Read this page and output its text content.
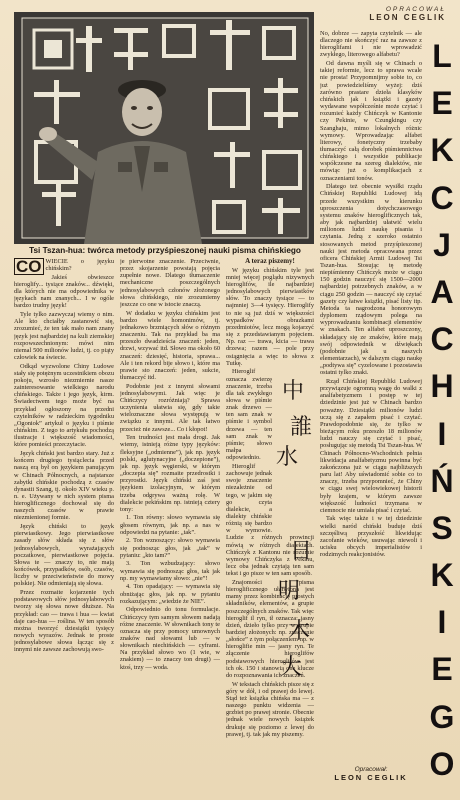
Tsi Tszan-hua: twórca metody przyśpieszonej nauki pisma chińskiego
OPRACOWAŁ
LEON CEGLIK
L
E
K
C
J
A
C
H
I
Ń
S
K
I
E
G
O

No, dobrze — zapyta czytelnik — ale dlaczego nie skończyć raz na zawsze z hieroglifami i nie wprowadzić zwykłego, literowego alfabetu?

Od dawna myśli się w Chinach o takiej reformie, lecz to sprawa wcale nie prosta! Przypomnijmy sobie to, co już powiedzieliśmy wyżej: dziś zarówno prastare dzieła klasyków chińskich jak i książki i gazety wydawane współcześnie może czytać i rozumieć każdy Chińczyk w Kantonie czy Pekinie, w Czungkingu czy Szanghaju, mimo lokalnych różnic wymowy. Wprowadzając alfabet literowy, fonetyczny trzebaby tłumaczyć całą dorobek piśmiennictwa chińskiego i wszystkie publikacje współczesne na szereg dialektów, nie mówiąc już o komplikacjach z oznaczeniami tonów.

Dlatego też obecnie wysiłki rządu Chińskiej Republiki Ludowej idą przede wszystkim w kierunku uproszczenia dotychczasowego systemu znaków hieroglificznych tak, aby jak najbardziej ułatwić wielu milionom ludzi naukę pisania i czytania. Jedną z szeroko ostatnio stosowanych metod przyśpieszonej nauki jest metoda opracowana przez oficera Chińskiej Armii Ludowej Tsi Tszan-hua. Stosując tę metodę niepiśmienny Chińczyk może w ciągu 150 godzin nauczyć się 1500—2000 najbardziej potrzebnych znaków, a w ciągu 250 godzin — nauczyć się czytać gazety czy łatwe książki, pisać listy itp. Metoda ta nagrodzona honorowym dyplomem rządowym polega na wyprowadzaniu kombinacji elementów w znakach. Ten alfabet uproszczony, składający się ze znaków, które mają swój odpowiednik w dźwiękach (podobnie jak u naszych elementarzach), w dalszym ciągu naukę „podtywa się” cyzelowane i pozostawia ostatni tylko znaki.

Rząd Chińskiej Republiki Ludowej przywiązuje ogromną wagę do walki z analfabetyzmem i postęp w tej dziedzinie jest już w Chinach bardzo poważny. Dziesiątki milionów ludzi uczą się z zapałem pisać i czytać. Prawdopodobnie się, że tylko w bieżącym roku przeszło 18 milionów ludzi nauczy się czytać i pisać, posługując się metodą Tsi Tszan-hua. W Chinach Północno-Wschodnich pełnia likwidacja analfabetyzmu powinna być zakończona już w ciągu najbliższych paru lat! Aby uświadomić sobie co to znaczy, trzeba przypomnieć, że Chiny w ciągu swej wielowiekowej historii były krajem, w którym zawsze większość ludności trzymana w ciemnocie nie umiała pisać i czytać.

Tak więc także i w tej dziedzinie wielki naród chiński buduje dziś szczęśliwą przyszłość likwidując zacofanie wieków, usuwając niewoli i ucisku obcych imperialistów i rodzimych reakcjonistów.

CO WIECIE o języku chińskim?

Jakieś obwieszce hieroglify... tysiące znaków... dźwięki, dla których nie ma odpowiednika w językach nam znanych... I w ogóle bardzo trudny język!

Tyle tylko zazwyczaj wiemy o nim. Ale kto chciałby zastanowić się, zrozumieć, że ten tak mało nam znany język jest najbardziej na kuli ziemskiej rozpowszechnionym: mówi nim niemal 500 milionów ludzi, tj. co piąty człowiek na świecie.

Odkąd wyzwolone Chiny Ludowe stały się potężnym uczestnikiem obozu pokoju, wzrosło niezmiernie nasze zainteresowanie wielkiego narodu chińskiego. Także i jego język, kirm. Świadectwem tego może być na przykład ogłoszony na przedni czytelników w radzieckim tygodniku „Ogoniok” artykuł o języku i piśmie chińskim. Z tego to artykułu pochodzą ilustracje i większość wiadomości, które pomieści przeczytacie.

Język chiński jest bardzo stary. Już z końcem drugiego tysiąclecia przed naszą erą był on językiem panującym w Chinach Północnych, a najstarsze zabytki chińskie pochodzą z czasów dynastii Szang, tj. około XIV wieku p. n. e. Używany w nich system pisma hieroglificznego dochował się do naszych czasów w prawie niezmienionej formie.

Język chiński to język pierwiastkowy. Jego pierwiastkowe zasady słów składa się z słów jednosylabowych, wyrażających poczatkowe, pierwiastkowe pojęcia. Słowa te — znaczy to, nie mają końcówek, przypadków, osób, czasów, liczby w przeciwieństwie do mowy polskiej. Nie odmieniają się słowa.

Przez rozmaite kojarzenie tych podstawowych słów jednosylabowych tworzy się słowa nowe dłuższe. Na przykład: cao — trawa i hua — kwiat daje cao-hua — roślina. W ten sposób można tworzyć dziesiątki tysięcy nowych wyrazów. Jednak te proste jednosylabowe słowa łącząc się z innymi nie zawsze zachowują swo-

je pierwotne znaczenie. Przeciwnie, przez skojarzenie powstają pojęcia zupełnie nowe. Dlatego tłumaczenie mechaniczne poszczególnych jednosylabowych członów złożonego słowa chińskiego, nie zrozumiemy jeszcze co one w istocie znaczą.

W dodatku w języku chińskim jest bardzo wiele homonimów, tj. jednakowo brzmiących słów o różnym znaczeniu. Tak na przykład ba ma przeszło dwadzieścia znaczeń: jeden, drzwi, wzywać itd. Słowo ma około 60 znaczeń: dziesięć, historia, sprawa... Ale i ten rekord bije słowo i, które ma prawie sto znaczeń: jeden, sukcie, tłumaczyć itd.

Podobnie jest z innymi słowami jednosylabowymi. Jak więc je Chińczycy rozróżniają? Sprawa uczynienia ułatwia się, gdy takie wieloznaczne słowa występują w związku z innymi. Ale tak łatwo przecież nie zawsze... Co i kłopot!

Ten trudności jest mała drogi. Jak wiemy, istnieją różne typy języków: fleksyjne („odmienne”), jak np. język polski, aglutynacyjne („doczepione”), jak np. język węgierski, w którym „doczepia się” rozmaite przedrostki i przyrostki. Język chiński zaś jest językiem izolacyjnym, w którym trzeba odgrywa ważną rolę. W dialekcie pekińskim np. istnieją cztery tony:

1. Ton równy: słowo wymawia się głosem równym, jak np. a nas w odpowiedzi na pytanie: „tak”.

2. Ton wznoszący: słowo wymawia się podnosząc głos, jak „tak” w pytaniu: „kto tam?”

3. Ton wzbudzający: słowo wymawia się podnosząc głos, tak jak np. my wymawiamy słowo: „nie”!

4. Ton opadający: — wymawia się obniżając głos, jak np. w pytaniu rozkazującym: „wiedzie że NIE”.

Odpowiednio do tonu formulacje. Chińczycy tym samym słowem nadają różne znaczenie. W słownikach tony te oznacza się przy pomocy umownych znaków nad słowami lub — w słownikach niechińskich — cyframi. Na przykład słowo wo (1 wie, w znakiem) — to znaczy ton drugi) — ktoś, trzy — woda.

A teraz piszemy!

W języku chińskim tyle jest mniej więcej poglądu nizywnych hieroglifów, ile najbardziej jednosylabowych pierwiastków słów. To znaczy tysiące — to najmniej 3—4 tysięcy. Hieroglify to nie są już dziś w większości wypadków obrazkami przedmiotów, lecz mogą kojarzyć się z przedstawianym pojęciem. Np. raz — trawa, kicia — trawa drzewa; razem — pole przy osiągnięcia a więc to słowa z Tutkę.

Hieroglif oznacza zwierzę znaczenie, trzeba dla tak zwykłego słowa w piśmie znak drzewo — ten sam znak w piśmie i symbol drzewa — ten sam znak w piśmie; słowo małpa odpowiednio.

Hieroglif zachowuje jednak swoje znaczenie niezależnie od tego, w jakim się go czyta dialekcie, a dialekty chińskie różnią się bardzo w wymowie. Ludzie z różnych prowincji mówią w różnych dialektach. Chińczyk z Kantonu nie rozumie wymowy Chińczyka z Pekinu, lecz oba jednak czytają ten sam tekst i go pisze w ten sam sposób.

Znajomości pisma hieroglificznego ułatwiona jest mamy przez kombinację prostych składników, elementów, a grupie poszczególnych znaków. Tak więc hieroglif il ryn, tł oznacza: jasny dzień, dzieło tylko przy w grupie bardziej złożonych: np. znaczenie „słońce” z tym połączeniem np. w hieroglifie min — jasny ryn. Te złączenie hieroglifów podstawowych hieroglifów jest ich ok. 150 i stanowią one klucze do rozpoznawania ich znaczeń.

W tekstach chińskich pisze się z góry w dół, i od prawej do lewej. Stąd też książka chińska ma — z naszego punktu widzenia — grzbiet po prawej stronie. Obecnie jednak wiele nowych książek drukuje się poziomo z lewej do prawej, tj. tak jak my piszemy.

中
誰
水
日
明
木
大
Opracował:
LEON CEGLIK
